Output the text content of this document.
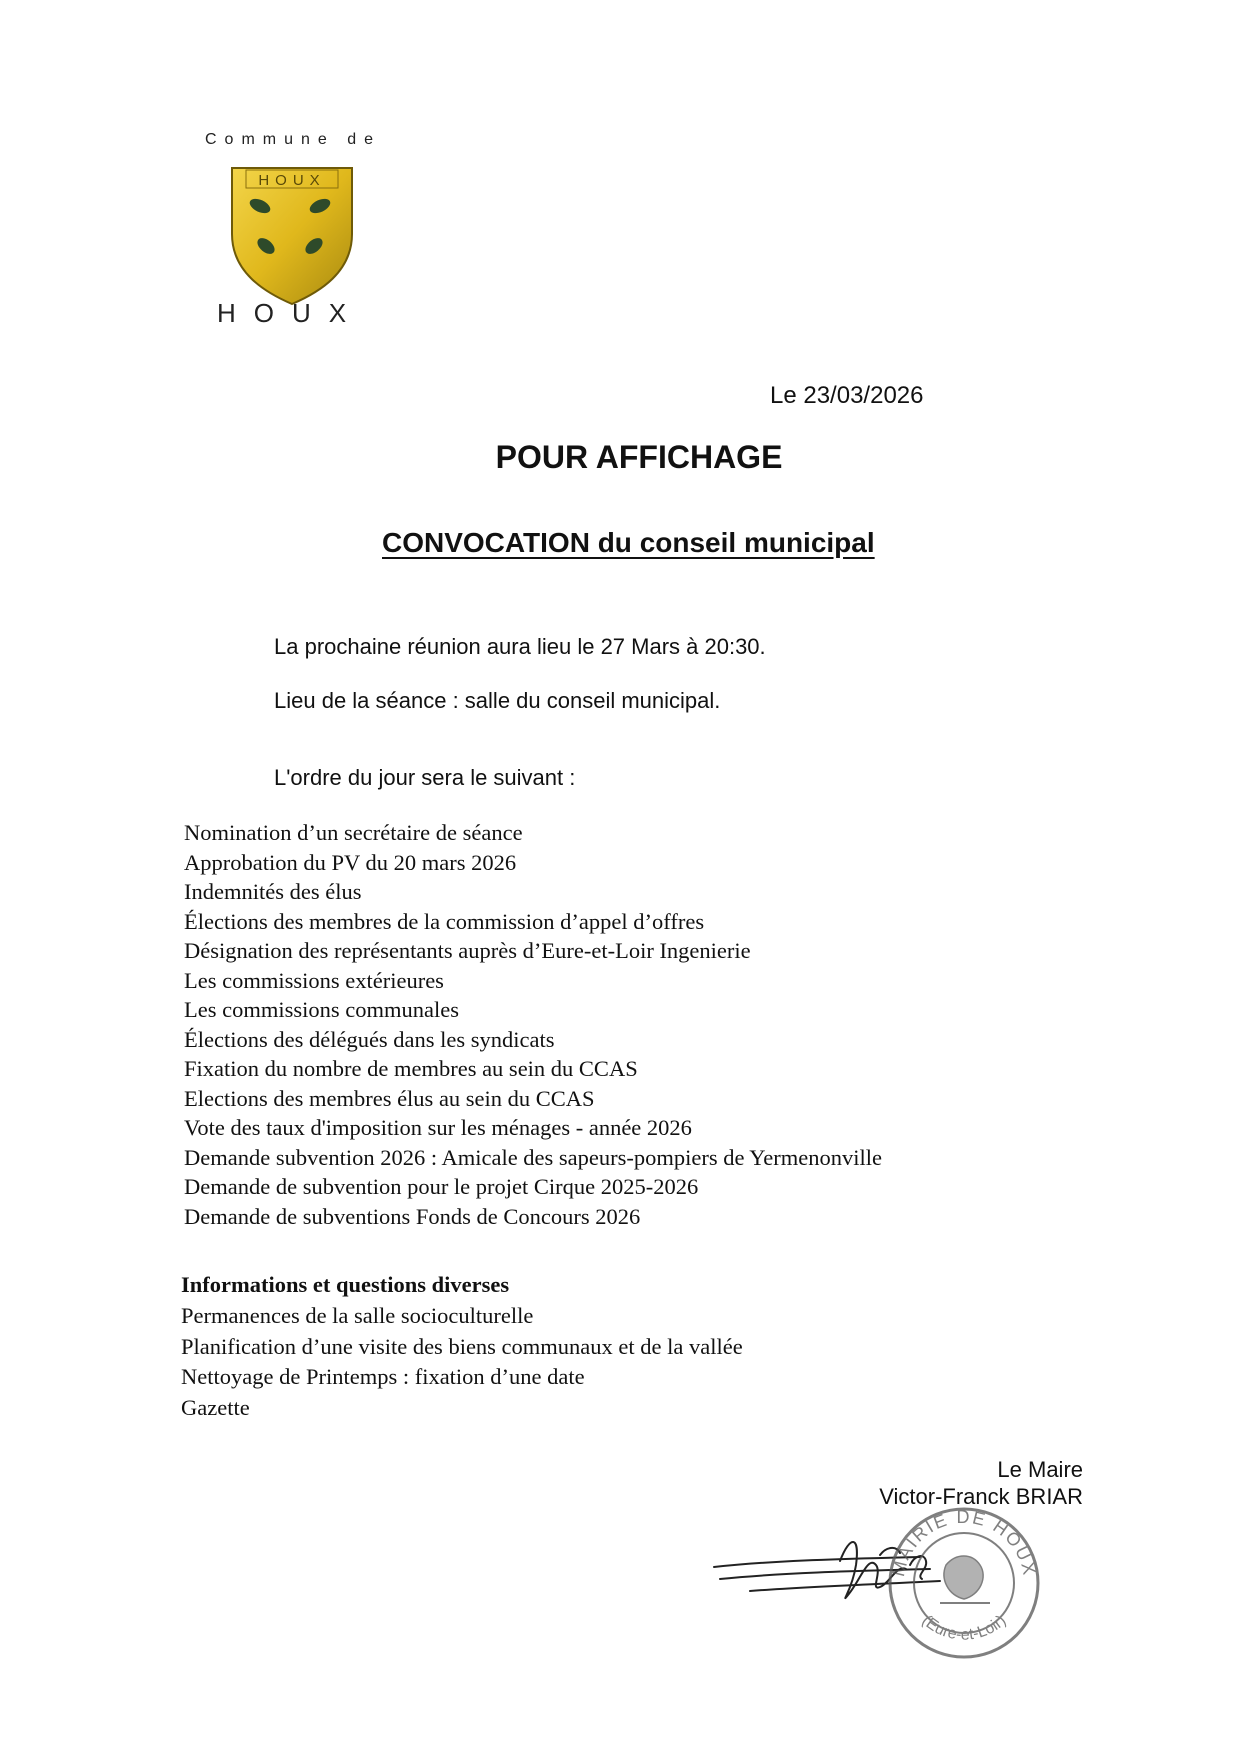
Commune de
HOUX
HOUX
Le 23/03/2026
POUR AFFICHAGE
CONVOCATION du conseil municipal
La prochaine réunion aura lieu le 27 Mars à 20:30.
Lieu de la séance : salle du conseil municipal.
L'ordre du jour sera le suivant :
Nomination d’un secrétaire de séance
Approbation du PV du 20 mars 2026
Indemnités des élus
Élections des membres de la commission d’appel d’offres
Désignation des représentants auprès d’Eure-et-Loir Ingenierie
Les commissions extérieures
Les commissions communales
Élections des délégués dans les syndicats
Fixation du nombre de membres au sein du CCAS
Elections des membres élus au sein du CCAS
Vote des taux d'imposition sur les ménages - année 2026
Demande subvention 2026 : Amicale des sapeurs-pompiers de Yermenonville
Demande de subvention pour le projet Cirque 2025-2026
Demande de subventions Fonds de Concours 2026
Informations et questions diverses
Permanences de la salle socioculturelle
Planification d’une visite des biens communaux et de la vallée
Nettoyage de Printemps : fixation d’une date
Gazette
Le Maire
Victor-Franck BRIAR
MAIRIE DE HOUX
(Eure-et-Loir)
